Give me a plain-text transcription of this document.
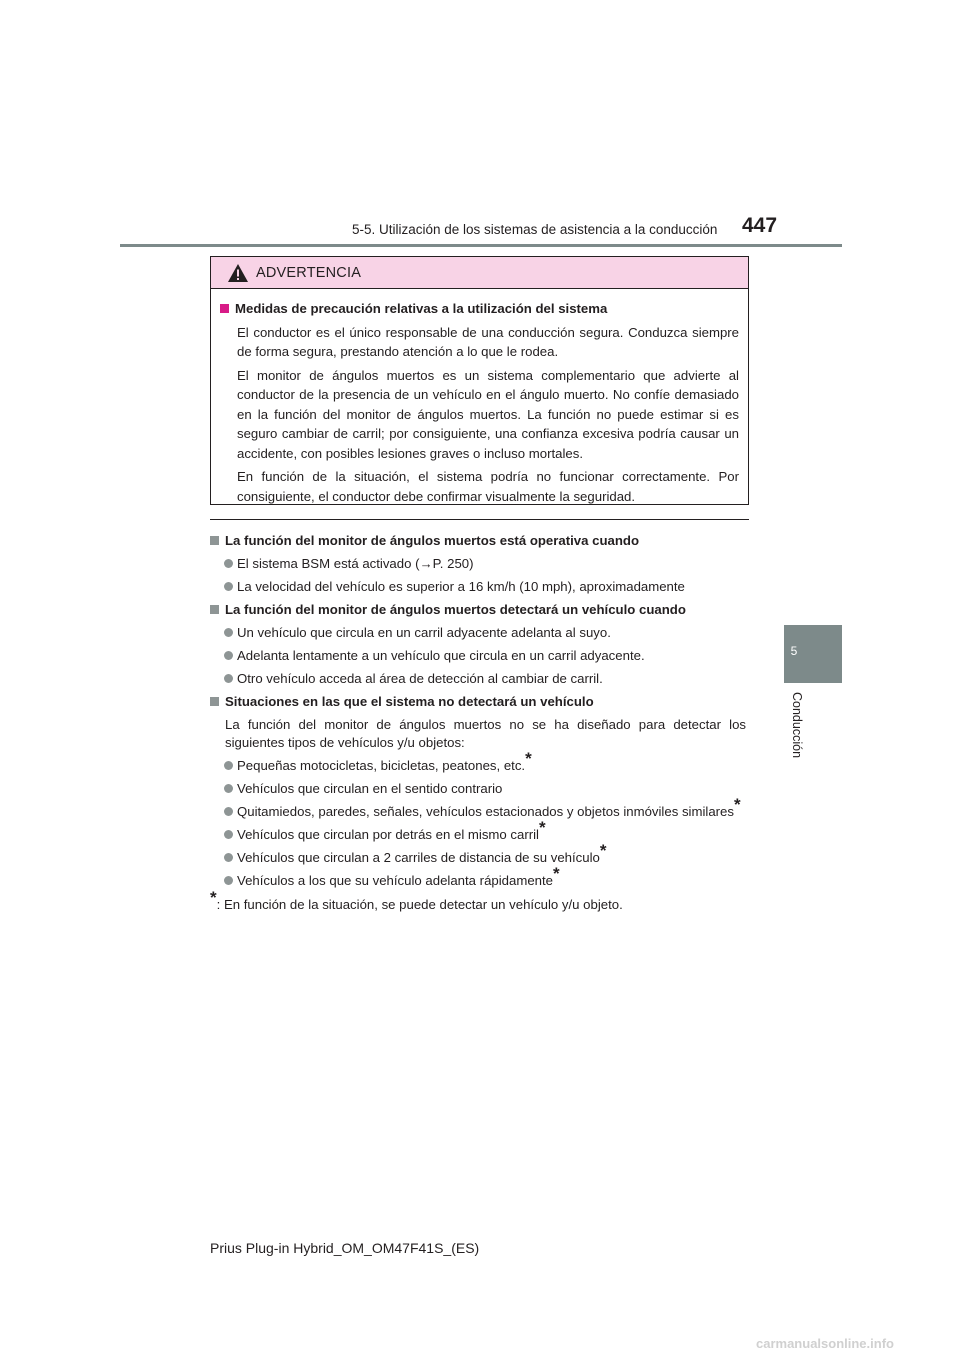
5-5. Utilización de los sistemas de asistencia a la conducción 447
5
Conducción
ADVERTENCIA
Medidas de precaución relativas a la utilización del sistema
El conductor es el único responsable de una conducción segura. Conduzca siempre de forma segura, prestando atención a lo que le rodea.
El monitor de ángulos muertos es un sistema complementario que advierte al conductor de la presencia de un vehículo en el ángulo muerto. No confíe demasiado en la función del monitor de ángulos muertos. La función no puede estimar si es seguro cambiar de carril; por consiguiente, una confianza excesiva podría causar un accidente, con posibles lesiones graves o incluso mortales.
En función de la situación, el sistema podría no funcionar correctamente. Por consiguiente, el conductor debe confirmar visualmente la seguridad.
La función del monitor de ángulos muertos está operativa cuando
El sistema BSM está activado (→P. 250)
La velocidad del vehículo es superior a 16 km/h (10 mph), aproximadamente
La función del monitor de ángulos muertos detectará un vehículo cuando
Un vehículo que circula en un carril adyacente adelanta al suyo.
Adelanta lentamente a un vehículo que circula en un carril adyacente.
Otro vehículo acceda al área de detección al cambiar de carril.
Situaciones en las que el sistema no detectará un vehículo
La función del monitor de ángulos muertos no se ha diseñado para detectar los siguientes tipos de vehículos y/u objetos:
Pequeñas motocicletas, bicicletas, peatones, etc.*
Vehículos que circulan en el sentido contrario
Quitamiedos, paredes, señales, vehículos estacionados y objetos inmóviles similares*
Vehículos que circulan por detrás en el mismo carril*
Vehículos que circulan a 2 carriles de distancia de su vehículo*
Vehículos a los que su vehículo adelanta rápidamente*
*: En función de la situación, se puede detectar un vehículo y/u objeto.
Prius Plug-in Hybrid_OM_OM47F41S_(ES)
carmanualsonline.info
